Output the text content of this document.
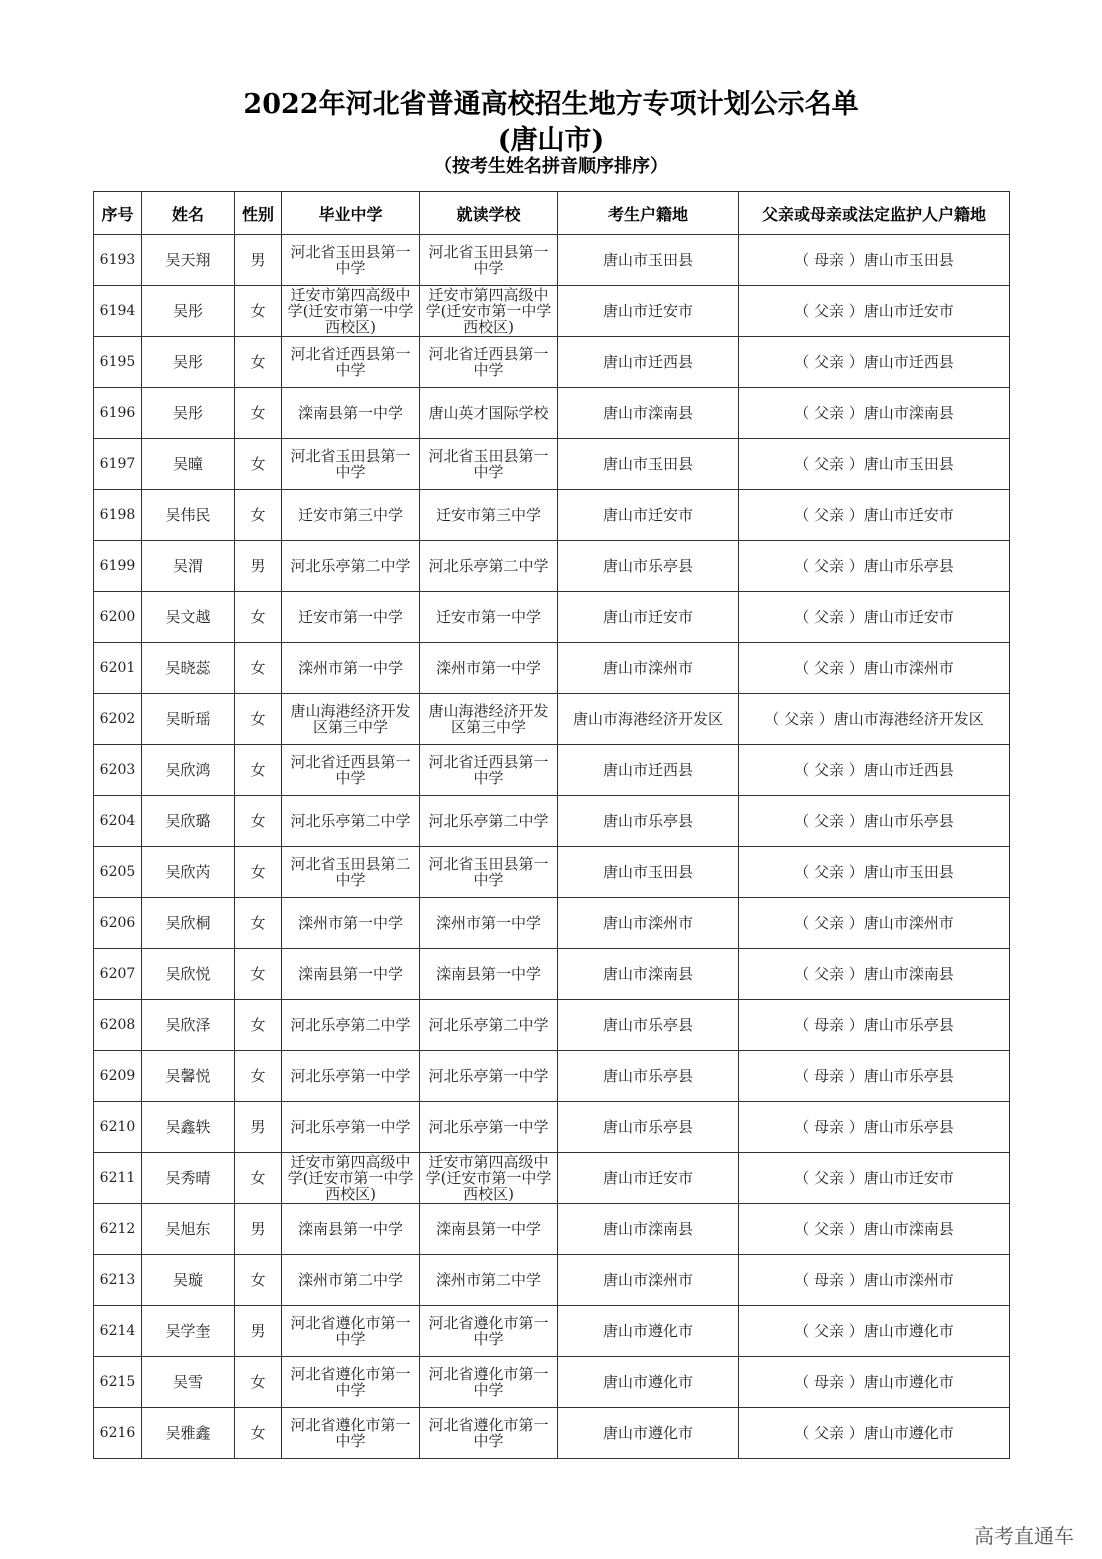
2022年河北省普通高校招生地方专项计划公示名单
(唐山市)
（按考生姓名拼音顺序排序）
序号	姓名	性别	毕业中学	就读学校	考生户籍地	父亲或母亲或法定监护人户籍地
6193	吴天翔	男	河北省玉田县第一中学	河北省玉田县第一中学	唐山市玉田县	（ 母亲 ）唐山市玉田县
6194	吴彤	女	迁安市第四高级中学(迁安市第一中学西校区)	迁安市第四高级中学(迁安市第一中学西校区)	唐山市迁安市	（ 父亲 ）唐山市迁安市
6195	吴彤	女	河北省迁西县第一中学	河北省迁西县第一中学	唐山市迁西县	（ 父亲 ）唐山市迁西县
6196	吴彤	女	滦南县第一中学	唐山英才国际学校	唐山市滦南县	（ 父亲 ）唐山市滦南县
6197	吴曈	女	河北省玉田县第一中学	河北省玉田县第一中学	唐山市玉田县	（ 父亲 ）唐山市玉田县
6198	吴伟民	女	迁安市第三中学	迁安市第三中学	唐山市迁安市	（ 父亲 ）唐山市迁安市
6199	吴渭	男	河北乐亭第二中学	河北乐亭第二中学	唐山市乐亭县	（ 父亲 ）唐山市乐亭县
6200	吴文越	女	迁安市第一中学	迁安市第一中学	唐山市迁安市	（ 父亲 ）唐山市迁安市
6201	吴晓蕊	女	滦州市第一中学	滦州市第一中学	唐山市滦州市	（ 父亲 ）唐山市滦州市
6202	吴昕瑶	女	唐山海港经济开发区第三中学	唐山海港经济开发区第三中学	唐山市海港经济开发区	（ 父亲 ）唐山市海港经济开发区
6203	吴欣鸿	女	河北省迁西县第一中学	河北省迁西县第一中学	唐山市迁西县	（ 父亲 ）唐山市迁西县
6204	吴欣璐	女	河北乐亭第二中学	河北乐亭第二中学	唐山市乐亭县	（ 父亲 ）唐山市乐亭县
6205	吴欣芮	女	河北省玉田县第二中学	河北省玉田县第一中学	唐山市玉田县	（ 父亲 ）唐山市玉田县
6206	吴欣桐	女	滦州市第一中学	滦州市第一中学	唐山市滦州市	（ 父亲 ）唐山市滦州市
6207	吴欣悦	女	滦南县第一中学	滦南县第一中学	唐山市滦南县	（ 父亲 ）唐山市滦南县
6208	吴欣泽	女	河北乐亭第二中学	河北乐亭第二中学	唐山市乐亭县	（ 母亲 ）唐山市乐亭县
6209	吴馨悦	女	河北乐亭第一中学	河北乐亭第一中学	唐山市乐亭县	（ 母亲 ）唐山市乐亭县
6210	吴鑫轶	男	河北乐亭第一中学	河北乐亭第一中学	唐山市乐亭县	（ 母亲 ）唐山市乐亭县
6211	吴秀晴	女	迁安市第四高级中学(迁安市第一中学西校区)	迁安市第四高级中学(迁安市第一中学西校区)	唐山市迁安市	（ 父亲 ）唐山市迁安市
6212	吴旭东	男	滦南县第一中学	滦南县第一中学	唐山市滦南县	（ 父亲 ）唐山市滦南县
6213	吴璇	女	滦州市第二中学	滦州市第二中学	唐山市滦州市	（ 母亲 ）唐山市滦州市
6214	吴学奎	男	河北省遵化市第一中学	河北省遵化市第一中学	唐山市遵化市	（ 父亲 ）唐山市遵化市
6215	吴雪	女	河北省遵化市第一中学	河北省遵化市第一中学	唐山市遵化市	（ 母亲 ）唐山市遵化市
6216	吴雅鑫	女	河北省遵化市第一中学	河北省遵化市第一中学	唐山市遵化市	（ 父亲 ）唐山市遵化市
高考直通车
